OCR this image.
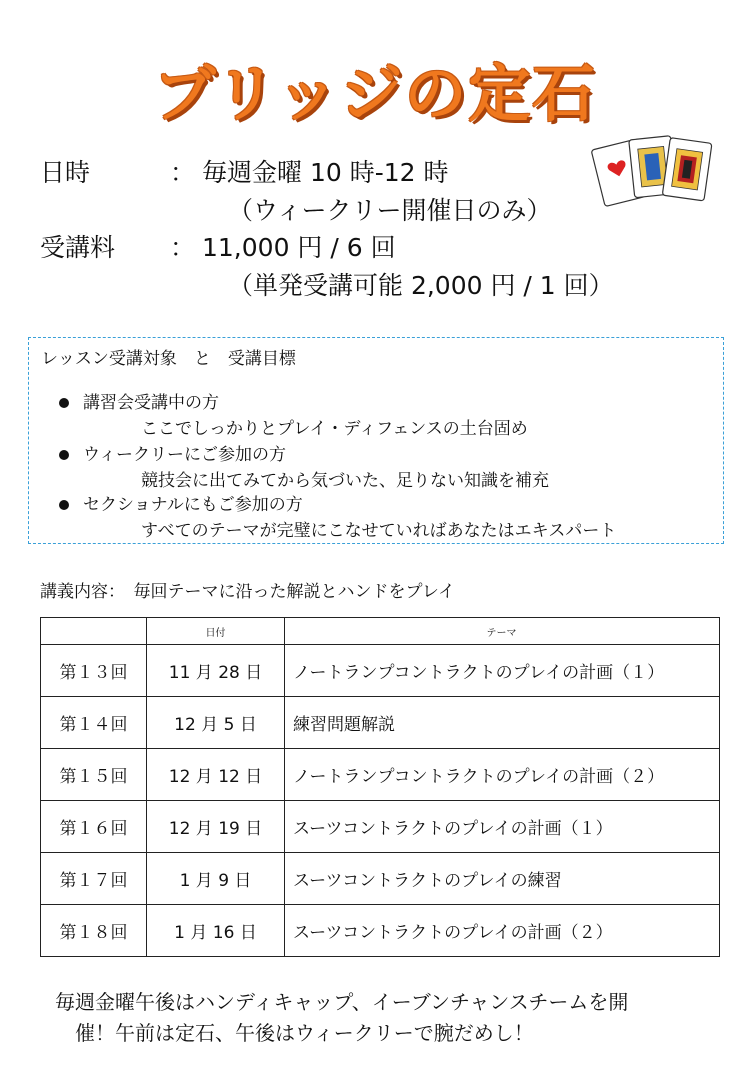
ブリッジの定石
日時	： 毎週金曜 10 時-12 時
（ウィークリー開催日のみ）
受講料 ： 11,000 円 / 6 回
（単発受講可能 2,000 円 / 1 回）
レッスン受講対象　と　受講目標
講習会受講中の方
ここでしっかりとプレイ・ディフェンスの土台固め
ウィークリーにご参加の方
競技会に出てみてから気づいた、足りない知識を補充
セクショナルにもご参加の方
すべてのテーマが完璧にこなせていればあなたはエキスパート
講義内容：　毎回テーマに沿った解説とハンドをプレイ
	日付	テーマ
第１３回	11 月 28 日	ノートランプコントラクトのプレイの計画（１）
第１４回	12 月 5 日	練習問題解説
第１５回	12 月 12 日	ノートランプコントラクトのプレイの計画（２）
第１６回	12 月 19 日	スーツコントラクトのプレイの計画（１）
第１７回	1 月 9 日	スーツコントラクトのプレイの練習
第１８回	1 月 16 日	スーツコントラクトのプレイの計画（２）
毎週金曜午後はハンディキャップ、イーブンチャンスチームを開
催！午前は定石、午後はウィークリーで腕だめし！
